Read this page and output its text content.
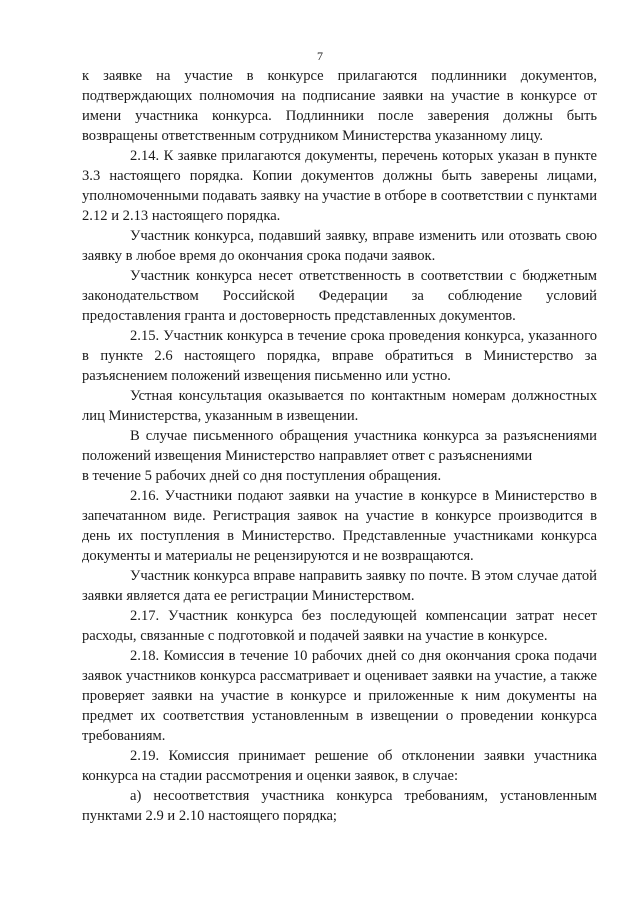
7

к заявке на участие в конкурсе прилагаются подлинники документов, подтверждающих полномочия на подписание заявки на участие в конкурсе от имени участника конкурса. Подлинники после заверения должны быть возвращены ответственным сотрудником Министерства указанному лицу.

2.14. К заявке прилагаются документы, перечень которых указан в пункте 3.3 настоящего порядка. Копии документов должны быть заверены лицами, уполномоченными подавать заявку на участие в отборе в соответствии с пунктами 2.12 и 2.13 настоящего порядка.

Участник конкурса, подавший заявку, вправе изменить или отозвать свою заявку в любое время до окончания срока подачи заявок.

Участник конкурса несет ответственность в соответствии с бюджетным законодательством Российской Федерации за соблюдение условий предоставления гранта и достоверность представленных документов.

2.15. Участник конкурса в течение срока проведения конкурса, указанного в пункте 2.6 настоящего порядка, вправе обратиться в Министерство за разъяснением положений извещения письменно или устно.

Устная консультация оказывается по контактным номерам должностных лиц Министерства, указанным в извещении.

В случае письменного обращения участника конкурса за разъяснениями положений извещения Министерство направляет ответ с разъяснениями

в течение 5 рабочих дней со дня поступления обращения.

2.16. Участники подают заявки на участие в конкурсе в Министерство в запечатанном виде. Регистрация заявок на участие в конкурсе производится в день их поступления в Министерство. Представленные участниками конкурса документы и материалы не рецензируются и не возвращаются.

Участник конкурса вправе направить заявку по почте. В этом случае датой заявки является дата ее регистрации Министерством.

2.17. Участник конкурса без последующей компенсации затрат несет расходы, связанные с подготовкой и подачей заявки на участие в конкурсе.

2.18. Комиссия в течение 10 рабочих дней со дня окончания срока подачи заявок участников конкурса рассматривает и оценивает заявки на участие, а также проверяет заявки на участие в конкурсе и приложенные к ним документы на предмет их соответствия установленным в извещении о проведении конкурса требованиям.

2.19. Комиссия принимает решение об отклонении заявки участника конкурса на стадии рассмотрения и оценки заявок, в случае:

а) несоответствия участника конкурса требованиям, установленным пунктами 2.9 и 2.10 настоящего порядка;
